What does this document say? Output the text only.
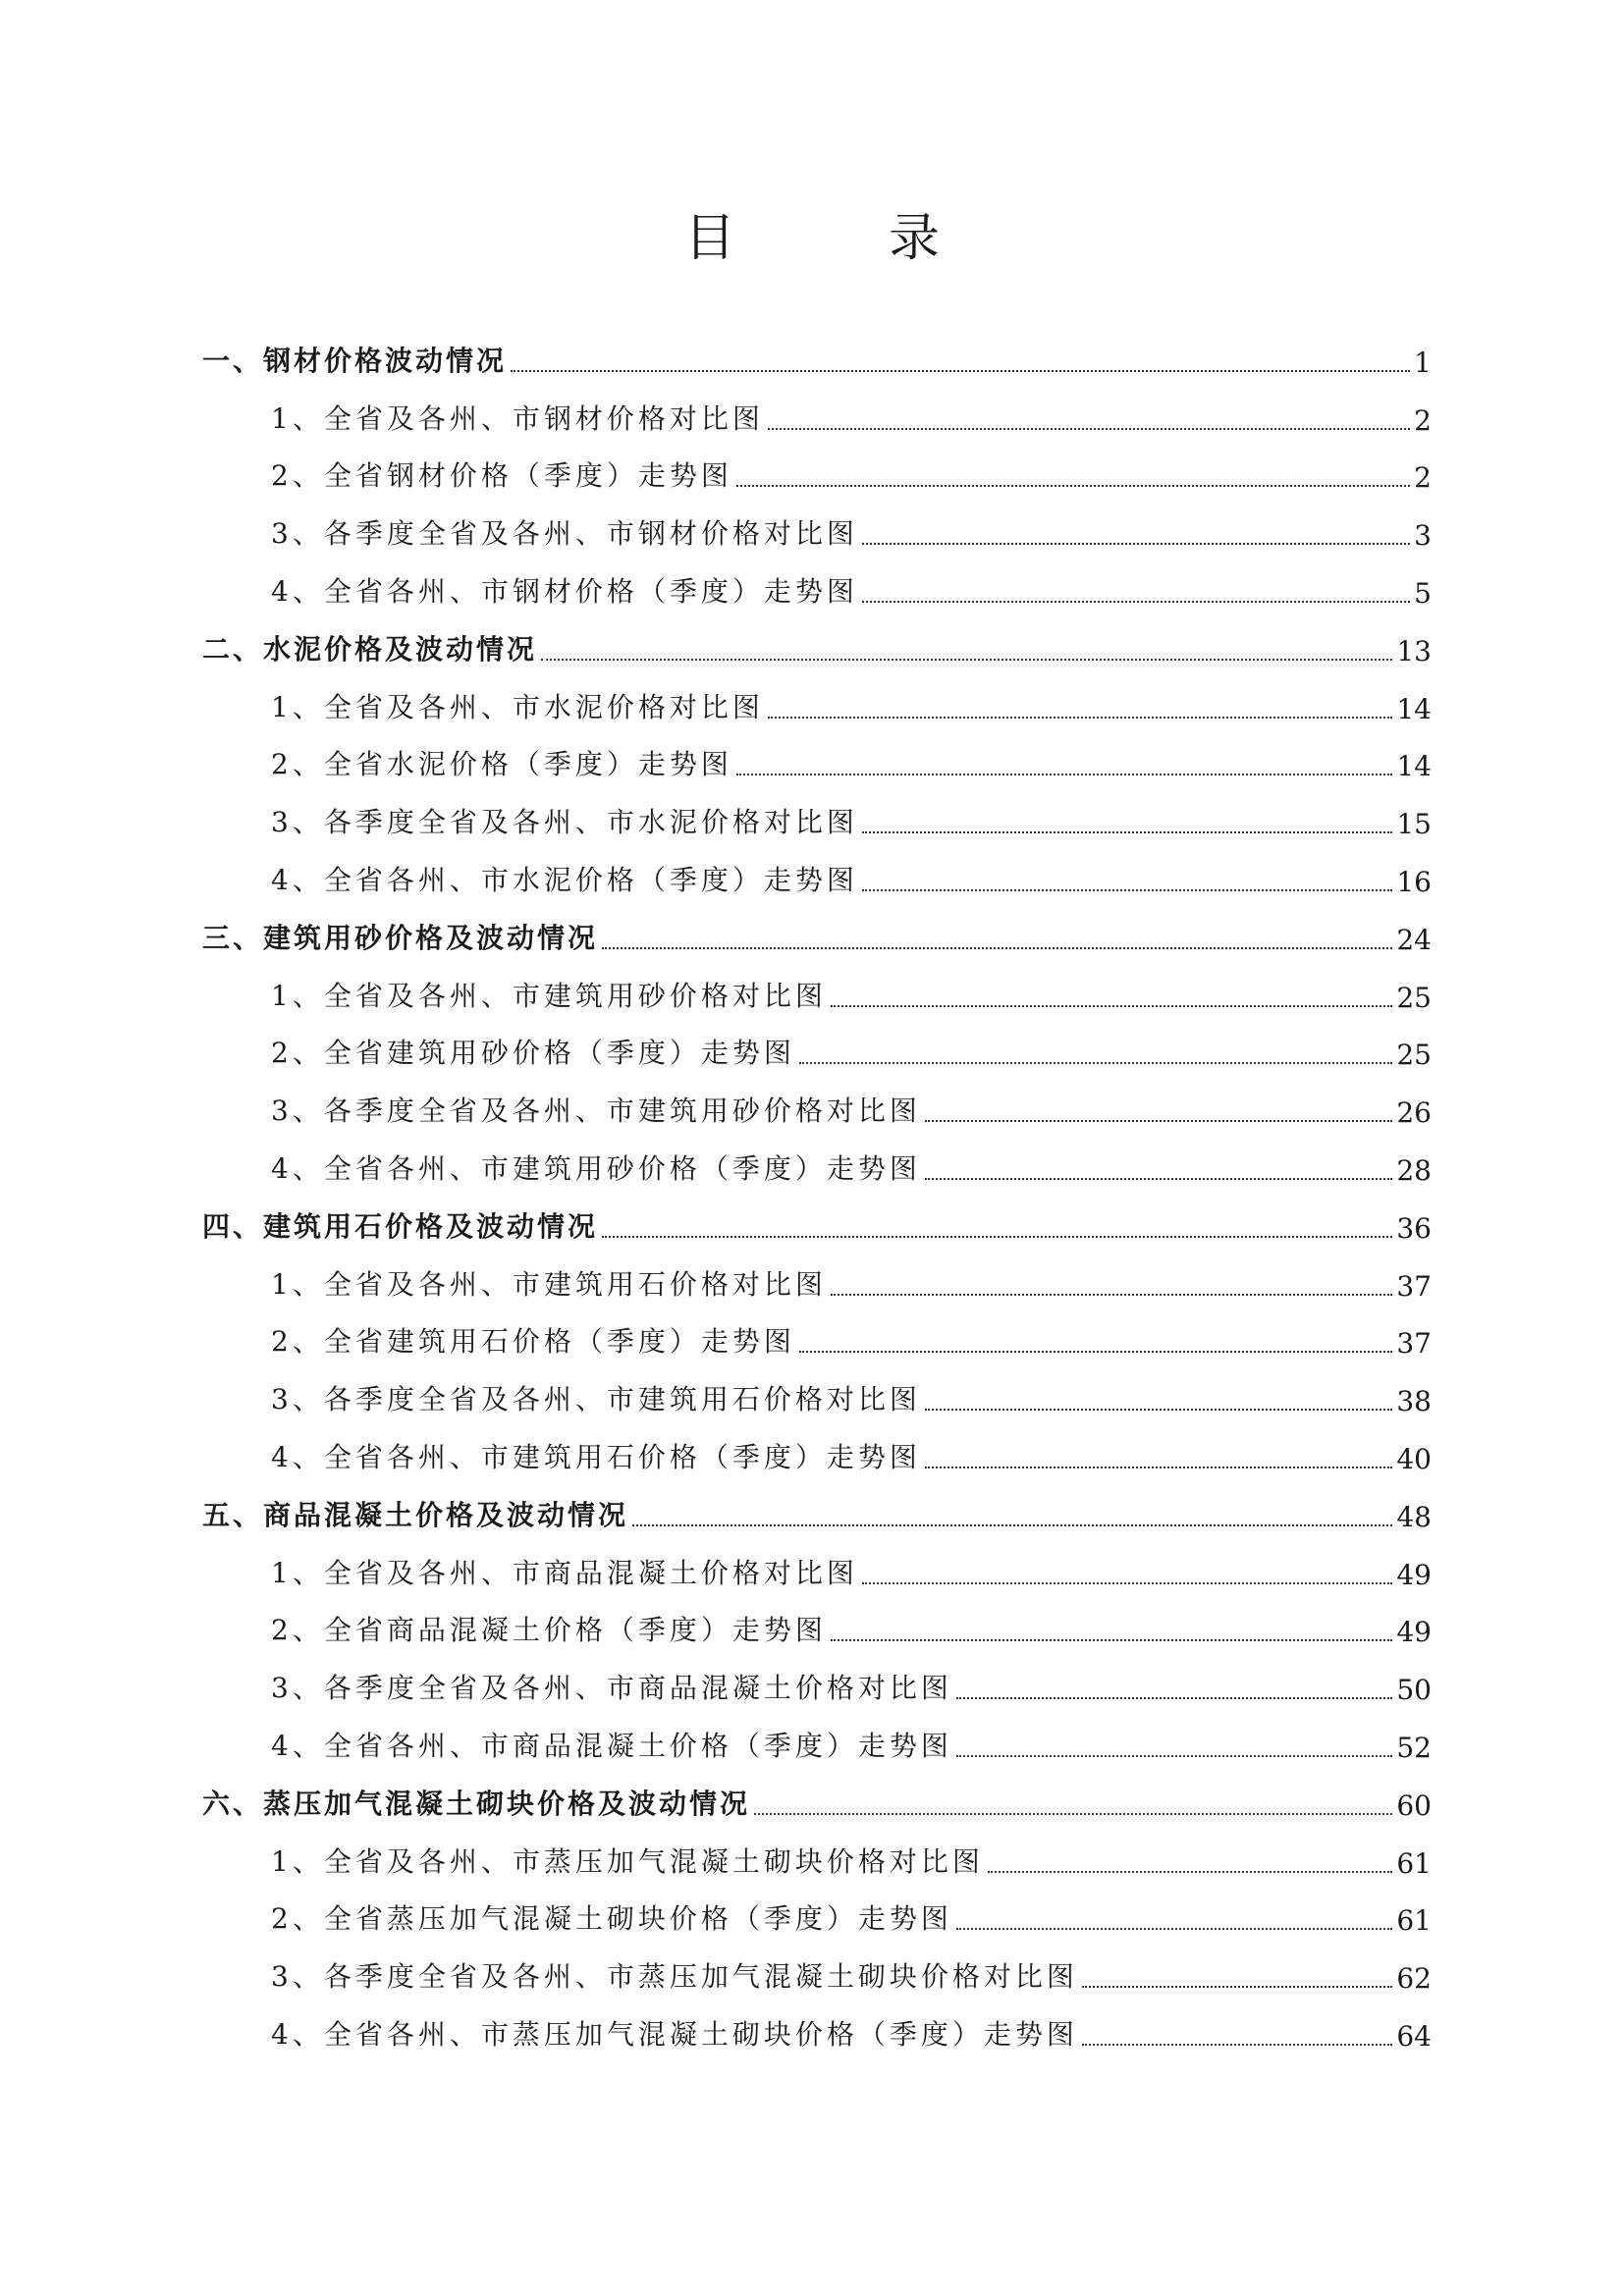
目　录
一、钢材价格波动情况	1
1、全省及各州、市钢材价格对比图	2
2、全省钢材价格（季度）走势图	2
3、各季度全省及各州、市钢材价格对比图	3
4、全省各州、市钢材价格（季度）走势图	5
二、水泥价格及波动情况	13
1、全省及各州、市水泥价格对比图	14
2、全省水泥价格（季度）走势图	14
3、各季度全省及各州、市水泥价格对比图	15
4、全省各州、市水泥价格（季度）走势图	16
三、建筑用砂价格及波动情况	24
1、全省及各州、市建筑用砂价格对比图	25
2、全省建筑用砂价格（季度）走势图	25
3、各季度全省及各州、市建筑用砂价格对比图	26
4、全省各州、市建筑用砂价格（季度）走势图	28
四、建筑用石价格及波动情况	36
1、全省及各州、市建筑用石价格对比图	37
2、全省建筑用石价格（季度）走势图	37
3、各季度全省及各州、市建筑用石价格对比图	38
4、全省各州、市建筑用石价格（季度）走势图	40
五、商品混凝土价格及波动情况	48
1、全省及各州、市商品混凝土价格对比图	49
2、全省商品混凝土价格（季度）走势图	49
3、各季度全省及各州、市商品混凝土价格对比图	50
4、全省各州、市商品混凝土价格（季度）走势图	52
六、蒸压加气混凝土砌块价格及波动情况	60
1、全省及各州、市蒸压加气混凝土砌块价格对比图	61
2、全省蒸压加气混凝土砌块价格（季度）走势图	61
3、各季度全省及各州、市蒸压加气混凝土砌块价格对比图	62
4、全省各州、市蒸压加气混凝土砌块价格（季度）走势图	64
